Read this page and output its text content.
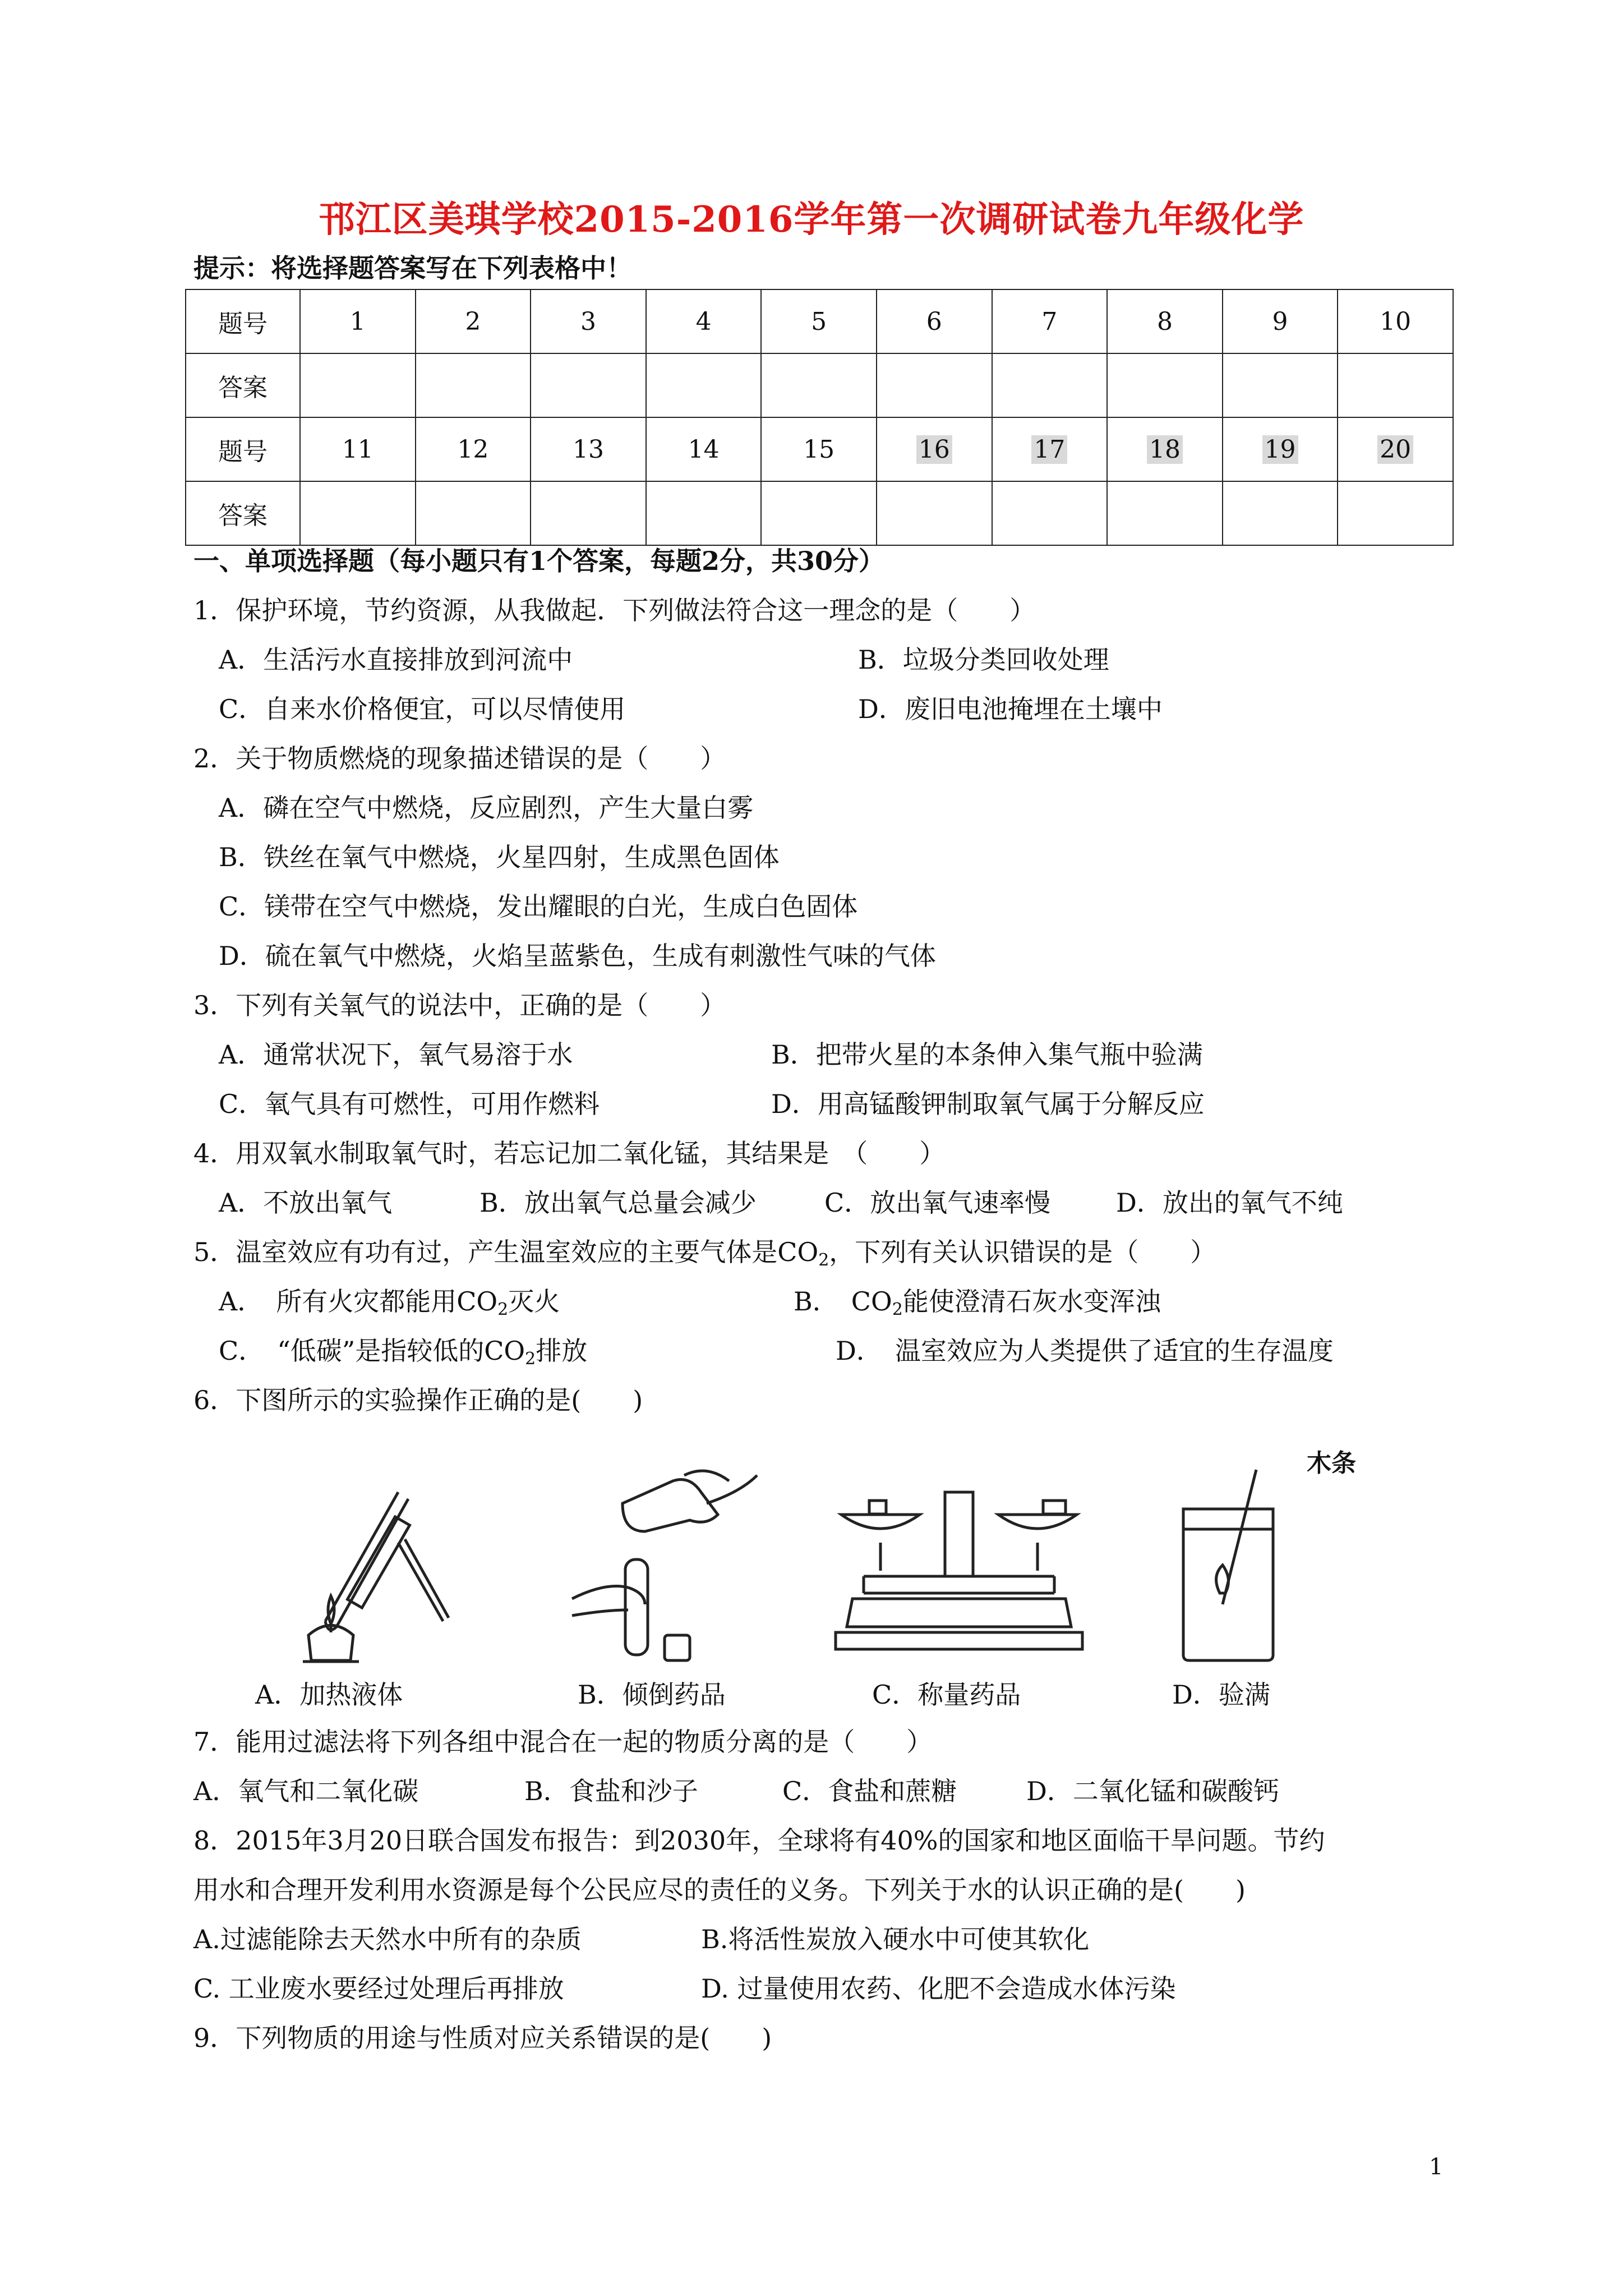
邗江区美琪学校2015-2016学年第一次调研试卷九年级化学
提示：将选择题答案写在下列表格中！
题号	1	2	3	4	5	6	7	8	9	10
答案										
题号	11	12	13	14	15	16	17	18	19	20
答案										
一、单项选择题（每小题只有1个答案，每题2分，共30分）
1．保护环境，节约资源，从我做起．下列做法符合这一理念的是（　　）
A．生活污水直接排放到河流中	B．垃圾分类回收处理
C．自来水价格便宜，可以尽情使用	D．废旧电池掩埋在土壤中
2．关于物质燃烧的现象描述错误的是（　　）
A．磷在空气中燃烧，反应剧烈，产生大量白雾
B．铁丝在氧气中燃烧，火星四射，生成黑色固体
C．镁带在空气中燃烧，发出耀眼的白光，生成白色固体
D．硫在氧气中燃烧，火焰呈蓝紫色，生成有刺激性气味的气体
3．下列有关氧气的说法中，正确的是（　　）
A．通常状况下，氧气易溶于水	B．把带火星的本条伸入集气瓶中验满
C．氧气具有可燃性，可用作燃料	D．用高锰酸钾制取氧气属于分解反应
4．用双氧水制取氧气时，若忘记加二氧化锰，其结果是　（　　）
A．不放出氧气	B．放出氧气总量会减少	C．放出氧气速率慢	D．放出的氧气不纯
5．温室效应有功有过，产生温室效应的主要气体是$CO_2$，下列有关认识错误的是（　　）
A．　所有火灾都能用$CO_2$灭火	B．　$CO_2$能使澄清石灰水变浑浊
C．　“低碳”是指较低的$CO_2$排放	D．　温室效应为人类提供了适宜的生存温度
6．下图所示的实验操作正确的是(　　)
A．加热液体	B．倾倒药品	C．称量药品
木条
D．验满
7．能用过滤法将下列各组中混合在一起的物质分离的是（　　）
A．氧气和二氧化碳	B．食盐和沙子	C．食盐和蔗糖	D．二氧化锰和碳酸钙
8．2015年3月20日联合国发布报告：到2030年，全球将有40%的国家和地区面临干旱问题。节约
用水和合理开发利用水资源是每个公民应尽的责任的义务。下列关于水的认识正确的是(　　)
A.过滤能除去天然水中所有的杂质	B.将活性炭放入硬水中可使其软化
C. 工业废水要经过处理后再排放	D. 过量使用农药、化肥不会造成水体污染
9．下列物质的用途与性质对应关系错误的是(　　)
1
